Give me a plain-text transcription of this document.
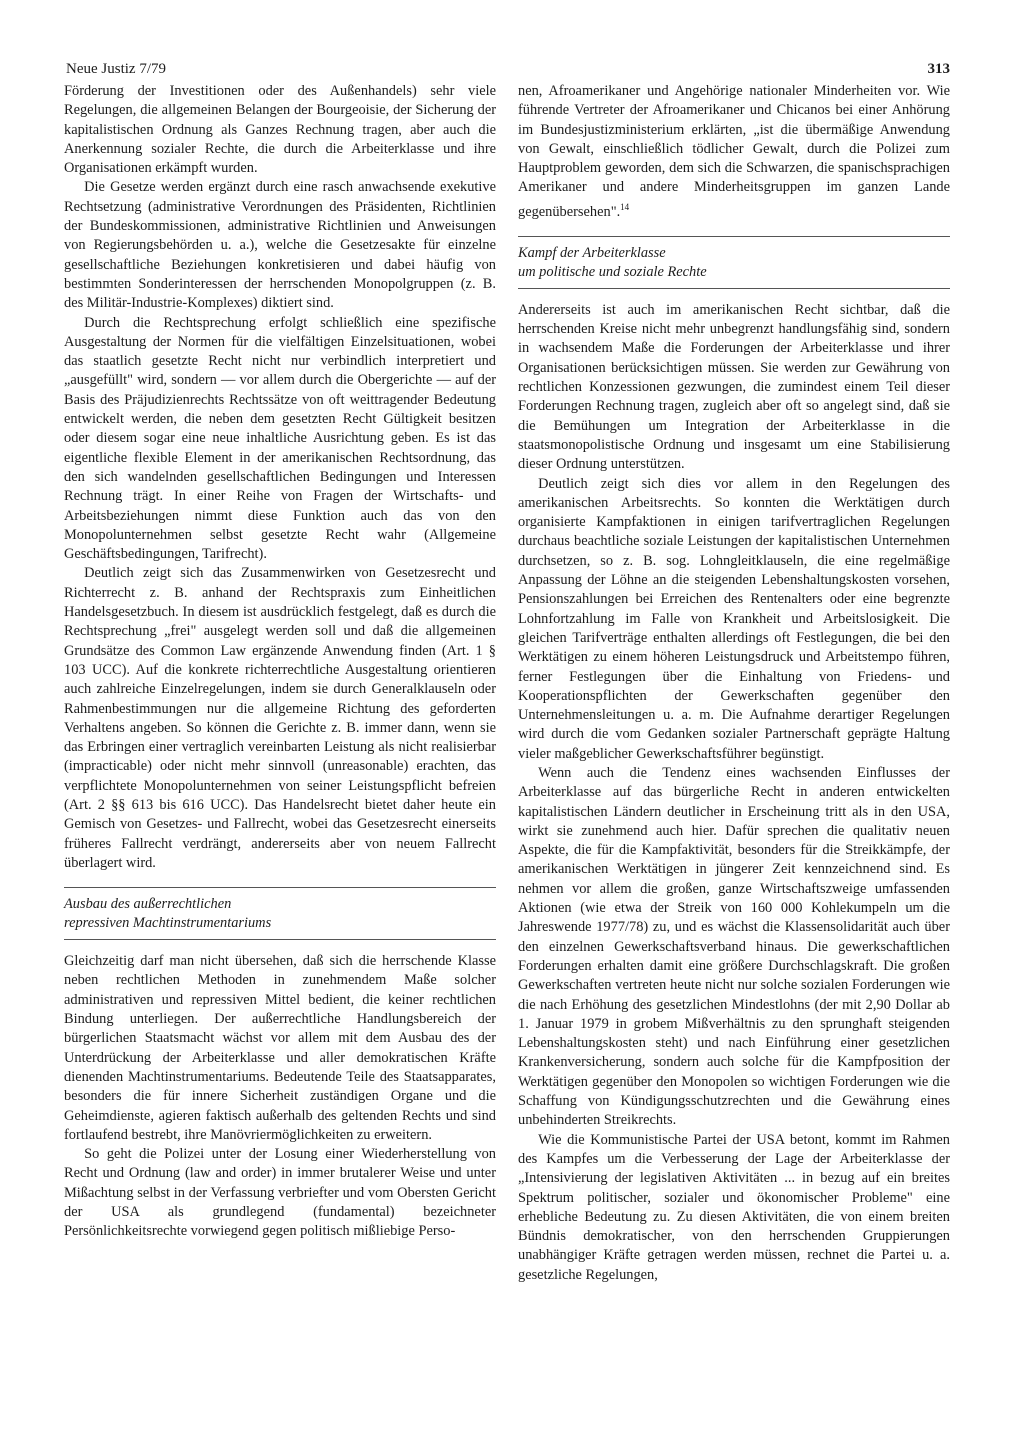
Neue Justiz 7/79	313

Förderung der Investitionen oder des Außenhandels) sehr viele Regelungen, die allgemeinen Belangen der Bourgeoisie, der Sicherung der kapitalistischen Ordnung als Ganzes Rechnung tragen, aber auch die Anerkennung sozialer Rechte, die durch die Arbeiterklasse und ihre Organisationen erkämpft wurden.

Die Gesetze werden ergänzt durch eine rasch anwachsende exekutive Rechtsetzung (administrative Verordnungen des Präsidenten, Richtlinien der Bundeskommissionen, administrative Richtlinien und Anweisungen von Regierungsbehörden u. a.), welche die Gesetzesakte für einzelne gesellschaftliche Beziehungen konkretisieren und dabei häufig von bestimmten Sonderinteressen der herrschenden Monopolgruppen (z. B. des Militär-Industrie-Komplexes) diktiert sind.

Durch die Rechtsprechung erfolgt schließlich eine spezifische Ausgestaltung der Normen für die vielfältigen Einzelsituationen, wobei das staatlich gesetzte Recht nicht nur verbindlich interpretiert und „ausgefüllt" wird, sondern — vor allem durch die Obergerichte — auf der Basis des Präjudizienrechts Rechtssätze von oft weittragender Bedeutung entwickelt werden, die neben dem gesetzten Recht Gültigkeit besitzen oder diesem sogar eine neue inhaltliche Ausrichtung geben. Es ist das eigentliche flexible Element in der amerikanischen Rechtsordnung, das den sich wandelnden gesellschaftlichen Bedingungen und Interessen Rechnung trägt. In einer Reihe von Fragen der Wirtschafts- und Arbeitsbeziehungen nimmt diese Funktion auch das von den Monopolunternehmen selbst gesetzte Recht wahr (Allgemeine Geschäftsbedingungen, Tarifrecht).

Deutlich zeigt sich das Zusammenwirken von Gesetzesrecht und Richterrecht z. B. anhand der Rechtspraxis zum Einheitlichen Handelsgesetzbuch. In diesem ist ausdrücklich festgelegt, daß es durch die Rechtsprechung „frei" ausgelegt werden soll und daß die allgemeinen Grundsätze des Common Law ergänzende Anwendung finden (Art. 1 § 103 UCC). Auf die konkrete richterrechtliche Ausgestaltung orientieren auch zahlreiche Einzelregelungen, indem sie durch Generalklauseln oder Rahmenbestimmungen nur die allgemeine Richtung des geforderten Verhaltens angeben. So können die Gerichte z. B. immer dann, wenn sie das Erbringen einer vertraglich vereinbarten Leistung als nicht realisierbar (impracticable) oder nicht mehr sinnvoll (unreasonable) erachten, das verpflichtete Monopolunternehmen von seiner Leistungspflicht befreien (Art. 2 §§ 613 bis 616 UCC). Das Handelsrecht bietet daher heute ein Gemisch von Gesetzes- und Fallrecht, wobei das Gesetzesrecht einerseits früheres Fallrecht verdrängt, andererseits aber von neuem Fallrecht überlagert wird.

Ausbau des außerrechtlichen
repressiven Machtinstrumentariums

Gleichzeitig darf man nicht übersehen, daß sich die herrschende Klasse neben rechtlichen Methoden in zunehmendem Maße solcher administrativen und repressiven Mittel bedient, die keiner rechtlichen Bindung unterliegen. Der außerrechtliche Handlungsbereich der bürgerlichen Staatsmacht wächst vor allem mit dem Ausbau des der Unterdrückung der Arbeiterklasse und aller demokratischen Kräfte dienenden Machtinstrumentariums. Bedeutende Teile des Staatsapparates, besonders die für innere Sicherheit zuständigen Organe und die Geheimdienste, agieren faktisch außerhalb des geltenden Rechts und sind fortlaufend bestrebt, ihre Manövriermöglichkeiten zu erweitern.

So geht die Polizei unter der Losung einer Wiederherstellung von Recht und Ordnung (law and order) in immer brutalerer Weise und unter Mißachtung selbst in der Verfassung verbriefter und vom Obersten Gericht der USA als grundlegend (fundamental) bezeichneter Persönlichkeitsrechte vorwiegend gegen politisch mißliebige Perso-

nen, Afroamerikaner und Angehörige nationaler Minderheiten vor. Wie führende Vertreter der Afroamerikaner und Chicanos bei einer Anhörung im Bundesjustizministerium erklärten, „ist die übermäßige Anwendung von Gewalt, einschließlich tödlicher Gewalt, durch die Polizei zum Hauptproblem geworden, dem sich die Schwarzen, die spanischsprachigen Amerikaner und andere Minderheitsgruppen im ganzen Lande gegenübersehen".$^{14}$

Kampf der Arbeiterklasse
um politische und soziale Rechte

Andererseits ist auch im amerikanischen Recht sichtbar, daß die herrschenden Kreise nicht mehr unbegrenzt handlungsfähig sind, sondern in wachsendem Maße die Forderungen der Arbeiterklasse und ihrer Organisationen berücksichtigen müssen. Sie werden zur Gewährung von rechtlichen Konzessionen gezwungen, die zumindest einem Teil dieser Forderungen Rechnung tragen, zugleich aber oft so angelegt sind, daß sie die Bemühungen um Integration der Arbeiterklasse in die staatsmonopolistische Ordnung und insgesamt um eine Stabilisierung dieser Ordnung unterstützen.

Deutlich zeigt sich dies vor allem in den Regelungen des amerikanischen Arbeitsrechts. So konnten die Werktätigen durch organisierte Kampfaktionen in einigen tarifvertraglichen Regelungen durchaus beachtliche soziale Leistungen der kapitalistischen Unternehmen durchsetzen, so z. B. sog. Lohngleitklauseln, die eine regelmäßige Anpassung der Löhne an die steigenden Lebenshaltungskosten vorsehen, Pensionszahlungen bei Erreichen des Rentenalters oder eine begrenzte Lohnfortzahlung im Falle von Krankheit und Arbeitslosigkeit. Die gleichen Tarifverträge enthalten allerdings oft Festlegungen, die bei den Werktätigen zu einem höheren Leistungsdruck und Arbeitstempo führen, ferner Festlegungen über die Einhaltung von Friedens- und Kooperationspflichten der Gewerkschaften gegenüber den Unternehmensleitungen u. a. m. Die Aufnahme derartiger Regelungen wird durch die vom Gedanken sozialer Partnerschaft geprägte Haltung vieler maßgeblicher Gewerkschaftsführer begünstigt.

Wenn auch die Tendenz eines wachsenden Einflusses der Arbeiterklasse auf das bürgerliche Recht in anderen entwickelten kapitalistischen Ländern deutlicher in Erscheinung tritt als in den USA, wirkt sie zunehmend auch hier. Dafür sprechen die qualitativ neuen Aspekte, die für die Kampfaktivität, besonders für die Streikkämpfe, der amerikanischen Werktätigen in jüngerer Zeit kennzeichnend sind. Es nehmen vor allem die großen, ganze Wirtschaftszweige umfassenden Aktionen (wie etwa der Streik von 160 000 Kohlekumpeln um die Jahreswende 1977/78) zu, und es wächst die Klassensolidarität auch über den einzelnen Gewerkschaftsverband hinaus. Die gewerkschaftlichen Forderungen erhalten damit eine größere Durchschlagskraft. Die großen Gewerkschaften vertreten heute nicht nur solche sozialen Forderungen wie die nach Erhöhung des gesetzlichen Mindestlohns (der mit 2,90 Dollar ab 1. Januar 1979 in grobem Mißverhältnis zu den sprunghaft steigenden Lebenshaltungskosten steht) und nach Einführung einer gesetzlichen Krankenversicherung, sondern auch solche für die Kampfposition der Werktätigen gegenüber den Monopolen so wichtigen Forderungen wie die Schaffung von Kündigungsschutzrechten und die Gewährung eines unbehinderten Streikrechts.

Wie die Kommunistische Partei der USA betont, kommt im Rahmen des Kampfes um die Verbesserung der Lage der Arbeiterklasse der „Intensivierung der legislativen Aktivitäten ... in bezug auf ein breites Spektrum politischer, sozialer und ökonomischer Probleme" eine erhebliche Bedeutung zu. Zu diesen Aktivitäten, die von einem breiten Bündnis demokratischer, von den herrschenden Gruppierungen unabhängiger Kräfte getragen werden müssen, rechnet die Partei u. a. gesetzliche Regelungen,
